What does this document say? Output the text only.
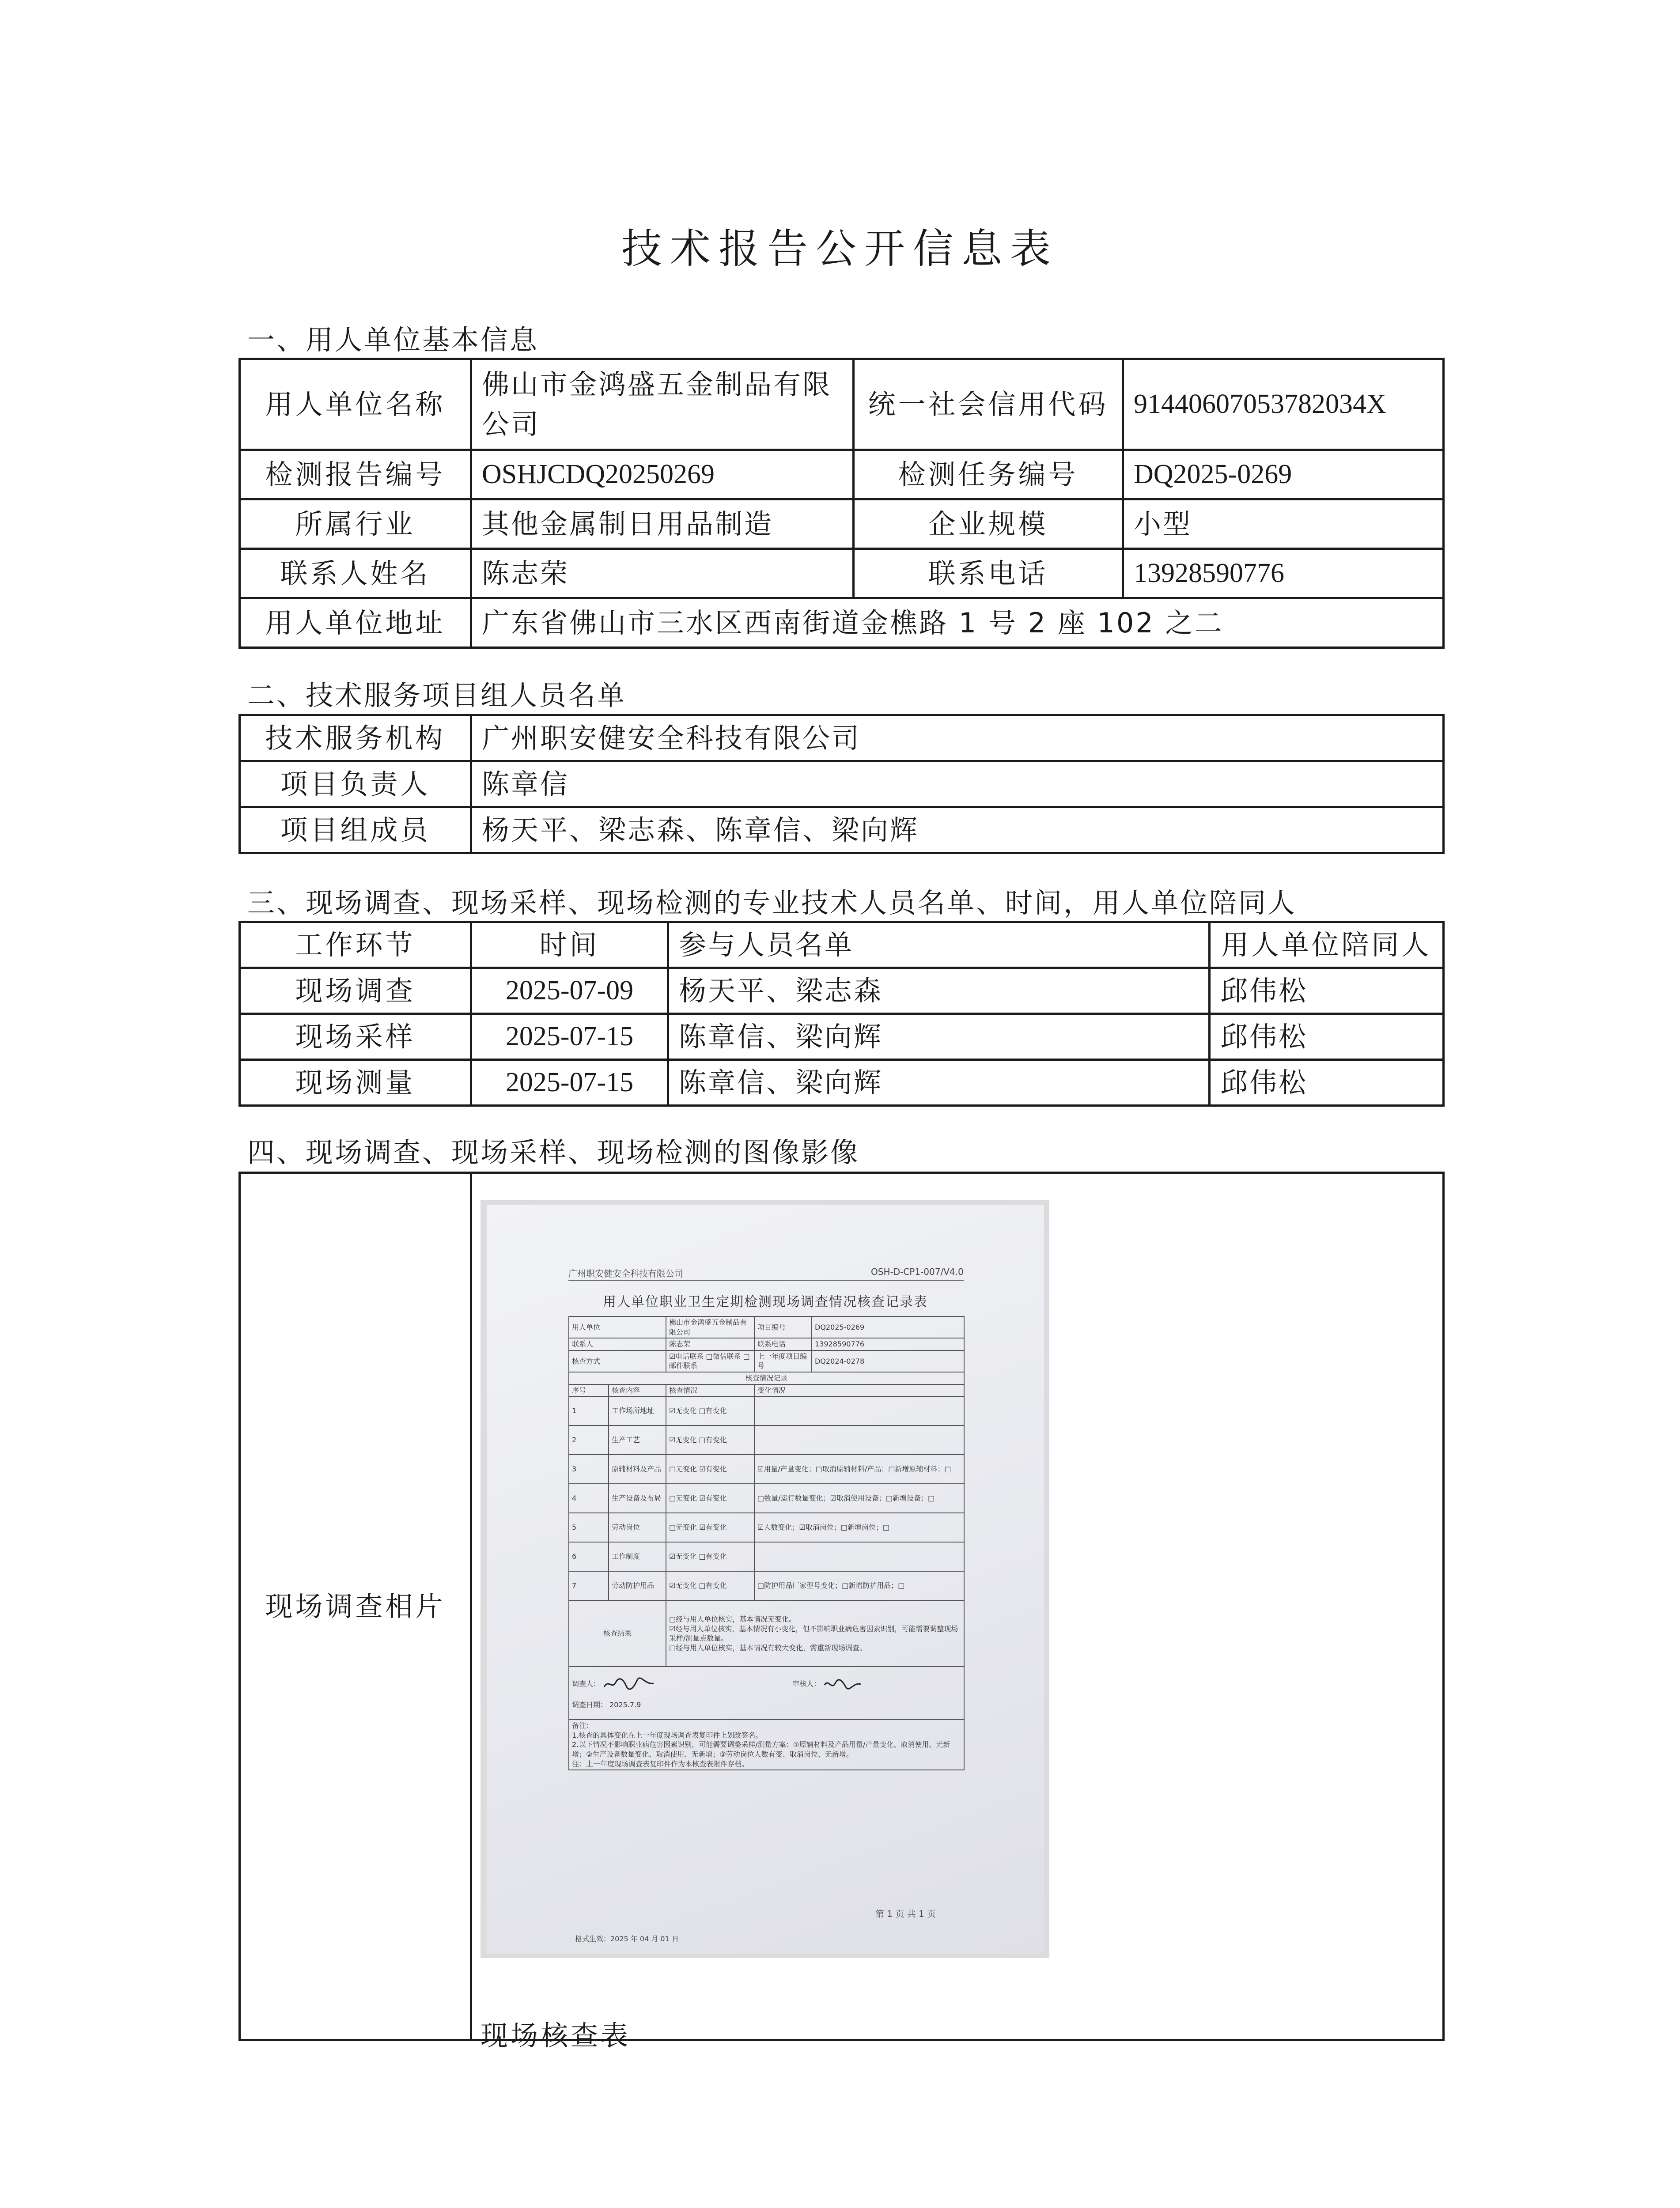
技术报告公开信息表
一、用人单位基本信息
用人单位名称	佛山市金鸿盛五金制品有限公司	统一社会信用代码	91440607053782034X
检测报告编号	OSHJCDQ20250269	检测任务编号	DQ2025-0269
所属行业	其他金属制日用品制造	企业规模	小型
联系人姓名	陈志荣	联系电话	13928590776
用人单位地址	广东省佛山市三水区西南街道金樵路 1 号 2 座 102 之二		
二、技术服务项目组人员名单
技术服务机构	广州职安健安全科技有限公司
项目负责人	陈章信
项目组成员	杨天平、梁志森、陈章信、梁向辉
三、现场调查、现场采样、现场检测的专业技术人员名单、时间，用人单位陪同人
工作环节	时间	参与人员名单	用人单位陪同人
现场调查	2025-07-09	杨天平、梁志森	邱伟松
现场采样	2025-07-15	陈章信、梁向辉	邱伟松
现场测量	2025-07-15	陈章信、梁向辉	邱伟松
四、现场调查、现场采样、现场检测的图像影像
现场调查相片	
广州职安健安全科技有限公司	OSH-D-CP1-007/V4.0
用人单位职业卫生定期检测现场调查情况核查记录表
用人单位		佛山市金鸿盛五金制品有限公司	项目编号	DQ2025-0269
联系人		陈志荣	联系电话	13928590776
核查方式		☑电话联系 □微信联系 □邮件联系	上一年度项目编号	DQ2024-0278
核查情况记录				
序号	核查内容	核查情况	变化情况	
1	工作场所地址	☑无变化 □有变化		
2	生产工艺	☑无变化 □有变化		
3	原辅材料及产品	□无变化 ☑有变化	☑用量/产量变化；□取消原辅材料/产品；□新增原辅材料；□	
4	生产设备及布局	□无变化 ☑有变化	□数量/运行数量变化；☑取消使用设备；□新增设备；□	
5	劳动岗位	□无变化 ☑有变化	☑人数变化；☑取消岗位；□新增岗位；□	
6	工作制度	☑无变化 □有变化		
7	劳动防护用品	☑无变化 □有变化	□防护用品厂家型号变化；□新增防护用品；□	
核查结果		□经与用人单位核实，基本情况无变化。
☑经与用人单位核实，基本情况有小变化，但不影响职业病危害因素识别，可能需要调整现场采样/测量点数量。
□经与用人单位核实，基本情况有较大变化，需重新现场调查。		

调查人： 审核人：
调查日期： 2025.7.9				

备注：
1.核查的具体变化在上一年度现场调查表复印件上划改签名。
2.以下情况不影响职业病危害因素识别，可能需要调整采样/测量方案：①原辅材料及产品用量/产量变化、取消使用、无新增；②生产设备数量变化、取消使用、无新增；③劳动岗位人数有变、取消岗位、无新增。
注：上一年度现场调查表复印件作为本核查表附件存档。				
第 1 页 共 1 页
格式生效：2025 年 04 月 01 日
现场核查表
